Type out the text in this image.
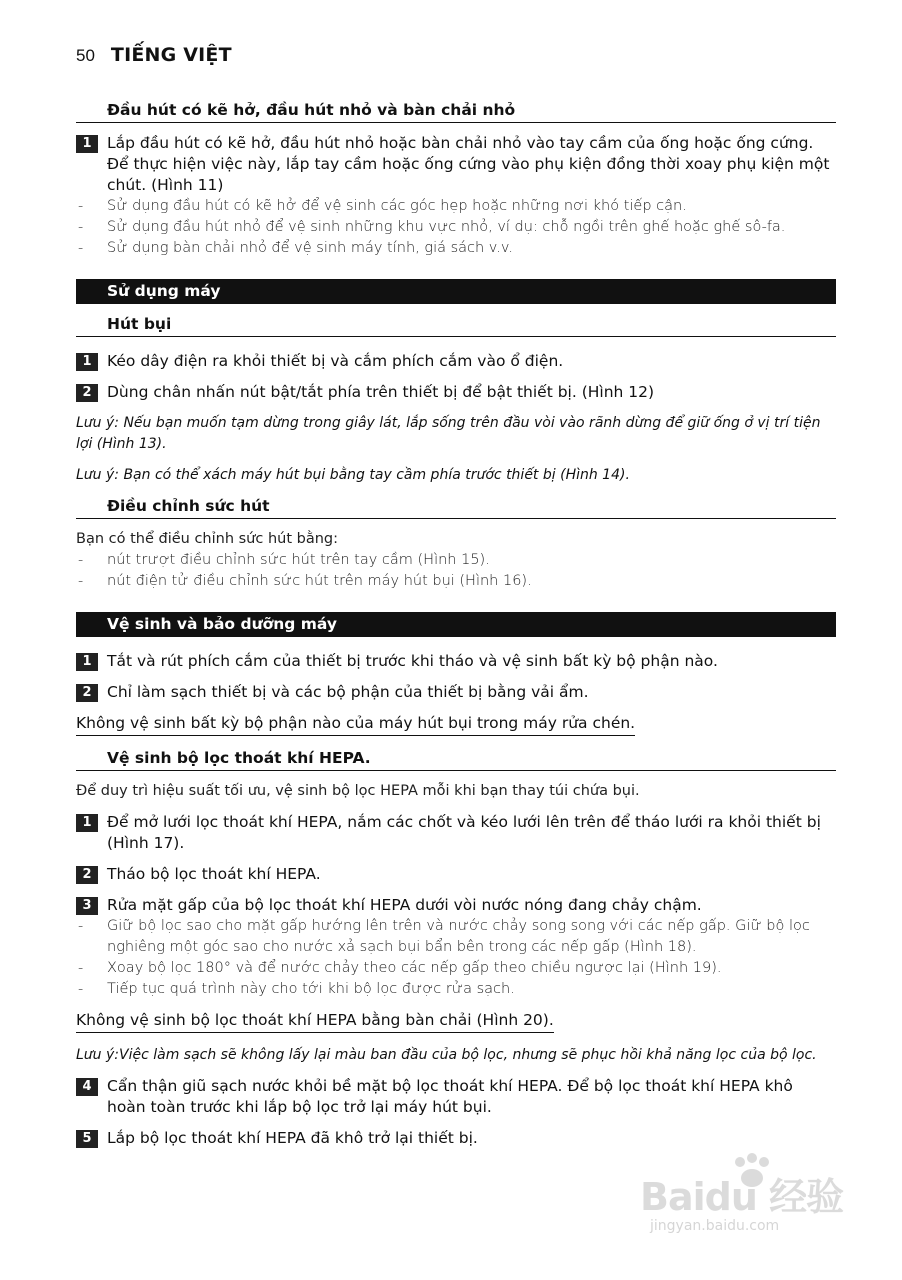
50 TIẾNG VIỆT
Đầu hút có kẽ hở, đầu hút nhỏ và bàn chải nhỏ
1 Lắp đầu hút có kẽ hở, đầu hút nhỏ hoặc bàn chải nhỏ vào tay cầm của ống hoặc ống cứng. Để thực hiện việc này, lắp tay cầm hoặc ống cứng vào phụ kiện đồng thời xoay phụ kiện một chút. (Hình 11)
- Sử dụng đầu hút có kẽ hở để vệ sinh các góc hẹp hoặc những nơi khó tiếp cận.
- Sử dụng đầu hút nhỏ để vệ sinh những khu vực nhỏ, ví dụ: chỗ ngồi trên ghế hoặc ghế sô-fa.
- Sử dụng bàn chải nhỏ để vệ sinh máy tính, giá sách v.v.
Sử dụng máy
Hút bụi
1 Kéo dây điện ra khỏi thiết bị và cắm phích cắm vào ổ điện.
2 Dùng chân nhấn nút bật/tắt phía trên thiết bị để bật thiết bị. (Hình 12)
Lưu ý: Nếu bạn muốn tạm dừng trong giây lát, lắp sống trên đầu vòi vào rãnh dừng để giữ ống ở vị trí tiện lợi (Hình 13).
Lưu ý: Bạn có thể xách máy hút bụi bằng tay cầm phía trước thiết bị (Hình 14).
Điều chỉnh sức hút
Bạn có thể điều chỉnh sức hút bằng:
- nút trượt điều chỉnh sức hút trên tay cầm (Hình 15).
- nút điện tử điều chỉnh sức hút trên máy hút bụi (Hình 16).
Vệ sinh và bảo dưỡng máy
1 Tắt và rút phích cắm của thiết bị trước khi tháo và vệ sinh bất kỳ bộ phận nào.
2 Chỉ làm sạch thiết bị và các bộ phận của thiết bị bằng vải ẩm.
Không vệ sinh bất kỳ bộ phận nào của máy hút bụi trong máy rửa chén.
Vệ sinh bộ lọc thoát khí HEPA.
Để duy trì hiệu suất tối ưu, vệ sinh bộ lọc HEPA mỗi khi bạn thay túi chứa bụi.
1 Để mở lưới lọc thoát khí HEPA, nắm các chốt và kéo lưới lên trên để tháo lưới ra khỏi thiết bị (Hình 17).
2 Tháo bộ lọc thoát khí HEPA.
3 Rửa mặt gấp của bộ lọc thoát khí HEPA dưới vòi nước nóng đang chảy chậm.
- Giữ bộ lọc sao cho mặt gấp hướng lên trên và nước chảy song song với các nếp gấp. Giữ bộ lọc nghiêng một góc sao cho nước xả sạch bụi bẩn bên trong các nếp gấp (Hình 18).
- Xoay bộ lọc 180° và để nước chảy theo các nếp gấp theo chiều ngược lại (Hình 19).
- Tiếp tục quá trình này cho tới khi bộ lọc được rửa sạch.
Không vệ sinh bộ lọc thoát khí HEPA bằng bàn chải (Hình 20).
Lưu ý:Việc làm sạch sẽ không lấy lại màu ban đầu của bộ lọc, nhưng sẽ phục hồi khả năng lọc của bộ lọc.
4 Cẩn thận giũ sạch nước khỏi bề mặt bộ lọc thoát khí HEPA. Để bộ lọc thoát khí HEPA khô hoàn toàn trước khi lắp bộ lọc trở lại máy hút bụi.
5 Lắp bộ lọc thoát khí HEPA đã khô trở lại thiết bị.
Baidu 经验
jingyan.baidu.com
